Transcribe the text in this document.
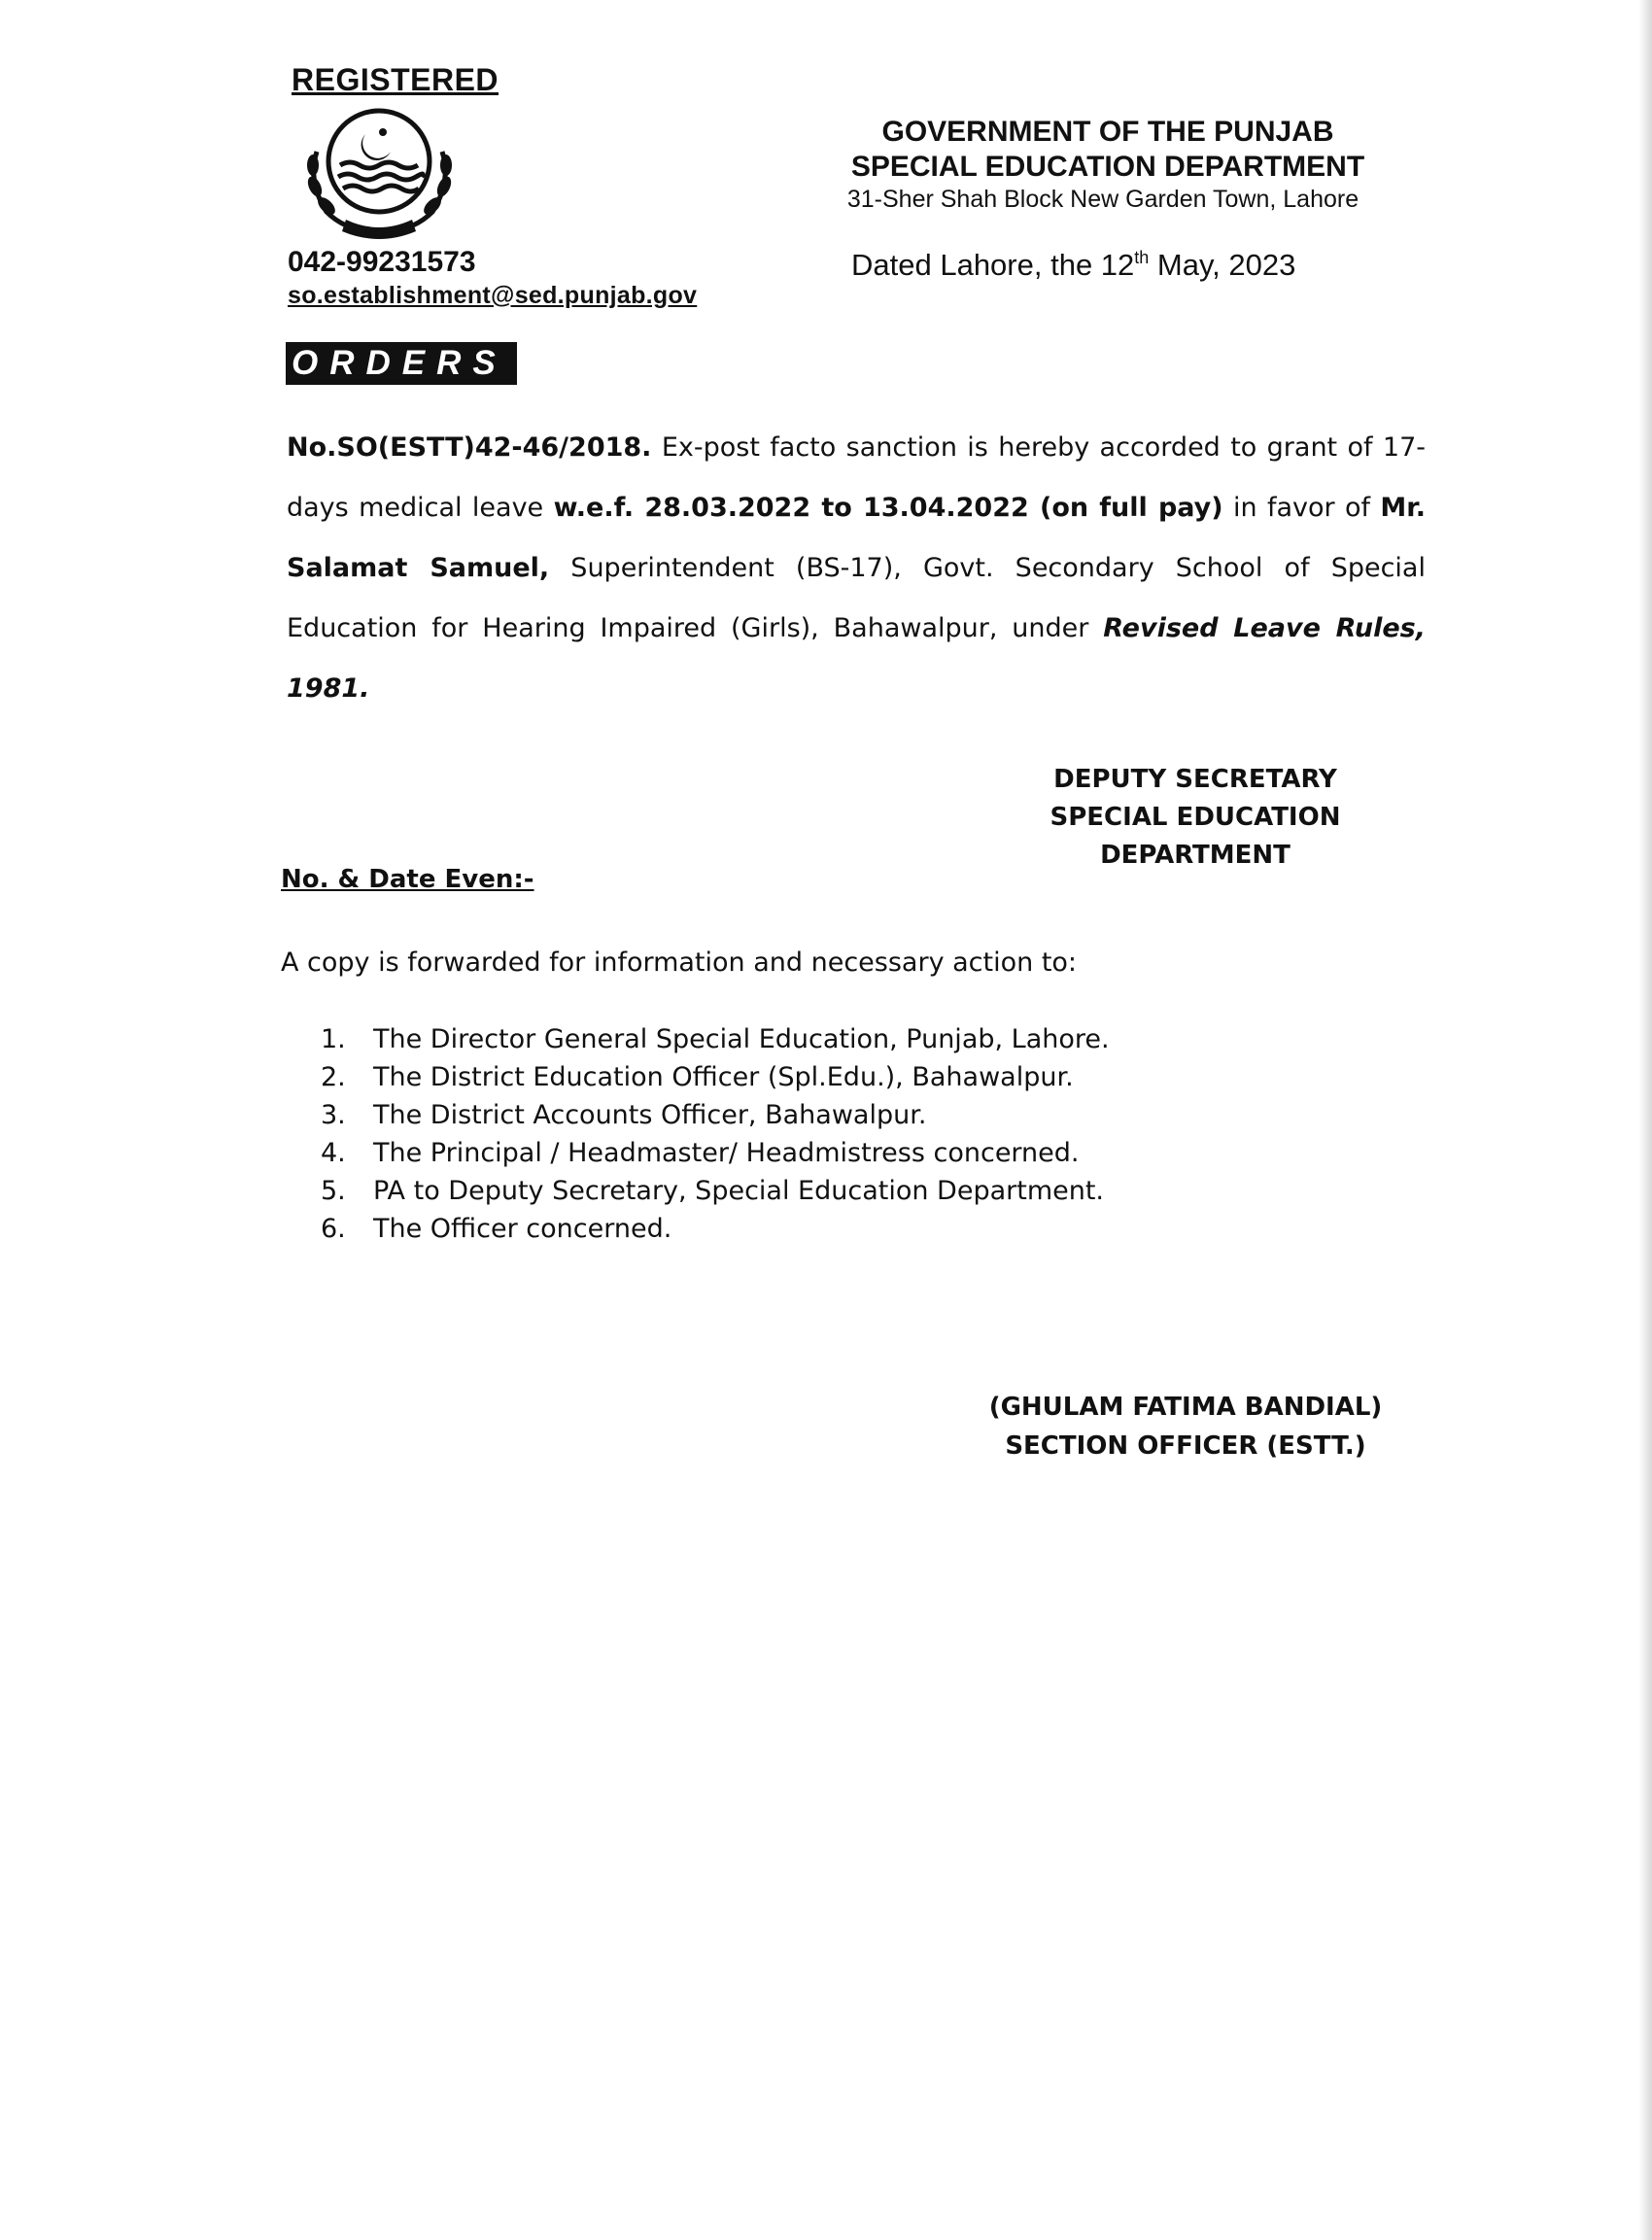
REGISTERED
042-99231573
so.establishment@sed.punjab.gov
GOVERNMENT OF THE PUNJAB
SPECIAL EDUCATION DEPARTMENT
31-Sher Shah Block New Garden Town, Lahore
Dated Lahore, the 12th May, 2023
ORDERS
No.SO(ESTT)42-46/2018. Ex-post facto sanction is hereby accorded to grant of 17-days medical leave w.e.f. 28.03.2022 to 13.04.2022 (on full pay) in favor of Mr. Salamat Samuel, Superintendent (BS-17), Govt. Secondary School of Special Education for Hearing Impaired (Girls), Bahawalpur, under Revised Leave Rules, 1981.
DEPUTY SECRETARY
SPECIAL EDUCATION
DEPARTMENT
No. & Date Even:-
A copy is forwarded for information and necessary action to:
1.	The Director General Special Education, Punjab, Lahore.
2.	The District Education Officer (Spl.Edu.), Bahawalpur.
3.	The District Accounts Officer, Bahawalpur.
4.	The Principal / Headmaster/ Headmistress concerned.
5.	PA to Deputy Secretary, Special Education Department.
6.	The Officer concerned.
(GHULAM FATIMA BANDIAL)
SECTION OFFICER (ESTT.)
